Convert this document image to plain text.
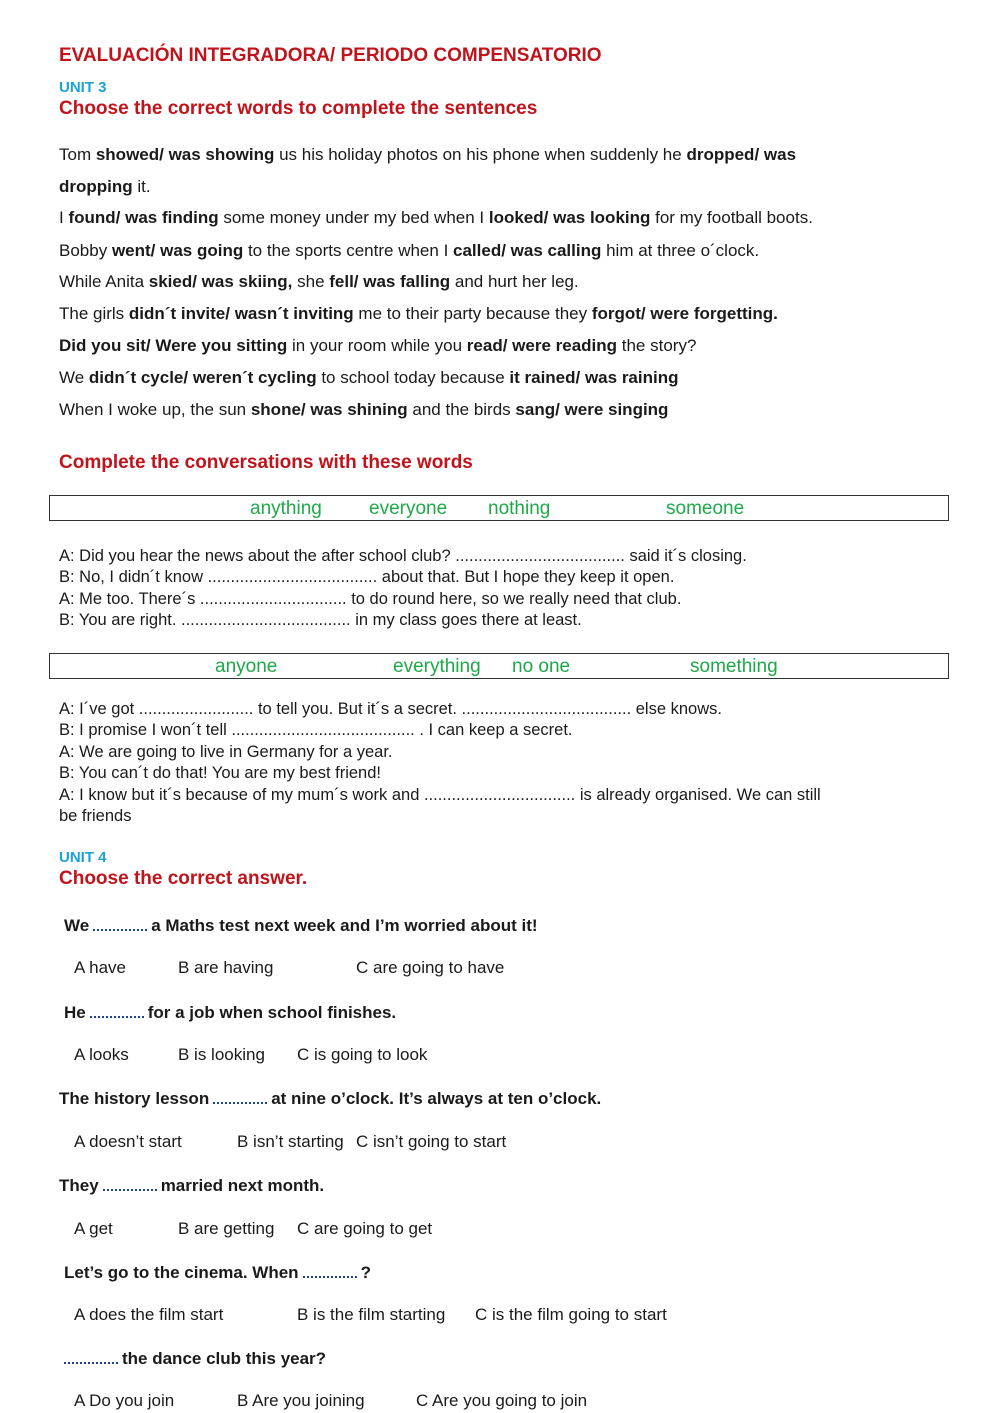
EVALUACIÓN INTEGRADORA/ PERIODO COMPENSATORIO
UNIT 3
Choose the correct words to complete the sentences
Tom showed/ was showing us his holiday photos on his phone when suddenly he dropped/ was
dropping it.
I found/ was finding some money under my bed when I looked/ was looking for my football boots.
Bobby went/ was going to the sports centre when I called/ was calling him at three o´clock.
While Anita skied/ was skiing, she fell/ was falling and hurt her leg.
The girls didn´t invite/ wasn´t inviting me to their party because they forgot/ were forgetting.
Did you sit/ Were you sitting in your room while you read/ were reading the story?
We didn´t cycle/ weren´t cycling to school today because it rained/ was raining
When I woke up, the sun shone/ was shining and the birds sang/ were singing
Complete the conversations with these words
anything everyone nothing	someone
A: Did you hear the news about the after school club? ..................................... said it´s closing.
B: No, I didn´t know ..................................... about that. But I hope they keep it open.
A: Me too. There´s ................................ to do round here, so we really need that club.
B: You are right. ..................................... in my class goes there at least.
anyone	everything no one	something
A: I´ve got ......................... to tell you. But it´s a secret. ..................................... else knows.
B: I promise I won´t tell ........................................ . I can keep a secret.
A: We are going to live in Germany for a year.
B: You can´t do that! You are my best friend!
A: I know but it´s because of my mum´s work and ................................. is already organised. We can still
be friends
UNIT 4
Choose the correct answer.
We	a Maths test next week and I’m worried about it!
A have	B are having	C are going to have
He	for a job when school finishes.
A looks	B is looking C is going to look
The history lesson	at nine o’clock. It’s always at ten o’clock.
A doesn’t start	B isn’t starting C isn’t going to start
They	married next month.
A get	B are getting C are going to get
Let’s go to the cinema. When	?
A does the film start	B is the film starting C is the film going to start
the dance club this year?
A Do you join	B Are you joining	C Are you going to join
